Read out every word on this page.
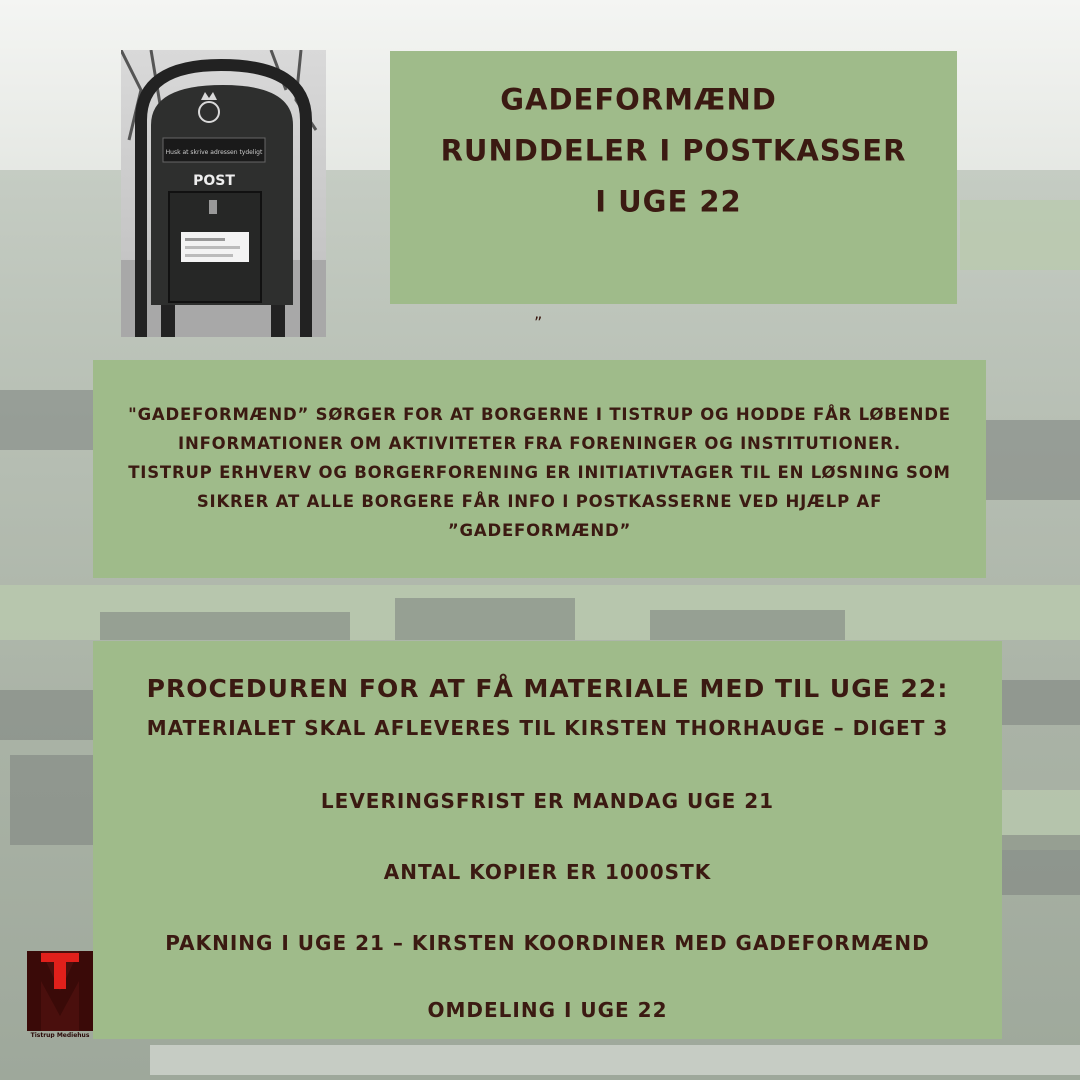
Husk at skrive adressen tydeligt
POST
GADEFORMÆND
RUNDDELER I POSTKASSER
I UGE 22
”
"GADEFORMÆND” SØRGER FOR AT BORGERNE I TISTRUP OG HODDE FÅR LØBENDE
INFORMATIONER OM AKTIVITETER FRA FORENINGER OG INSTITUTIONER.
TISTRUP ERHVERV OG BORGERFORENING ER INITIATIVTAGER TIL EN LØSNING SOM
SIKRER AT ALLE BORGERE FÅR INFO I POSTKASSERNE VED HJÆLP AF
”GADEFORMÆND”
PROCEDUREN FOR AT FÅ MATERIALE MED TIL UGE 22:
MATERIALET SKAL AFLEVERES TIL KIRSTEN THORHAUGE – DIGET 3
LEVERINGSFRIST ER MANDAG UGE 21
ANTAL KOPIER ER 1000STK
PAKNING I UGE 21 – KIRSTEN KOORDINER MED GADEFORMÆND
OMDELING I UGE 22
Tistrup Mediehus
